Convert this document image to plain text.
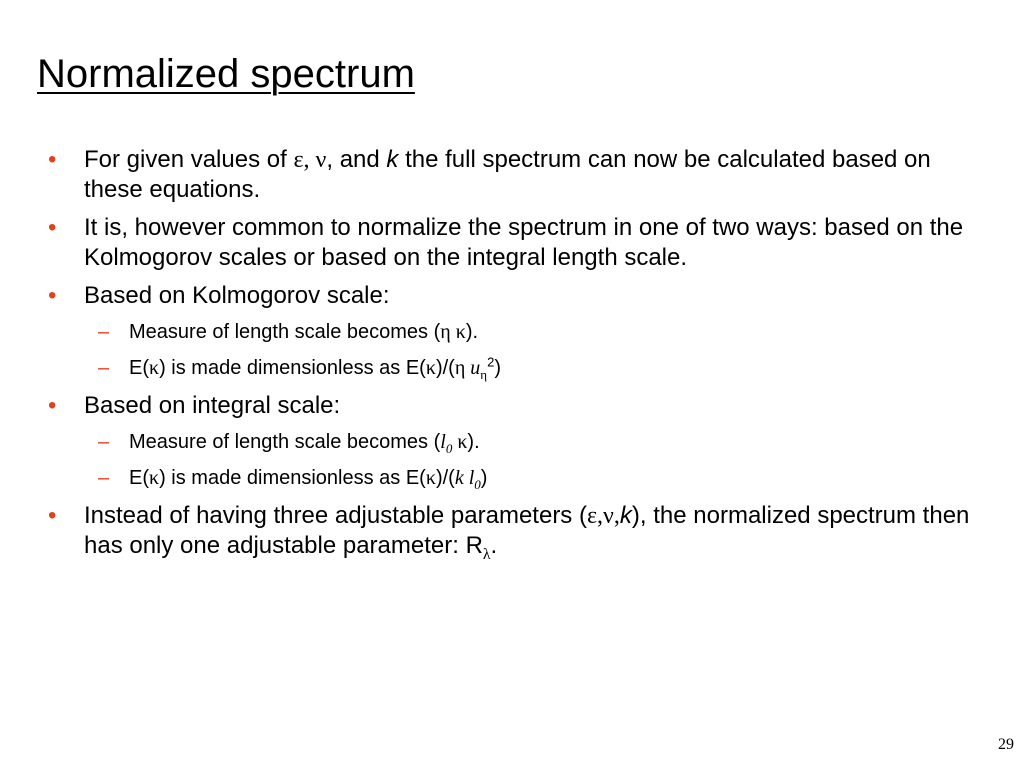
Normalized spectrum
• For given values of ε, ν, and k the full spectrum can now be calculated based on these equations.
• It is, however common to normalize the spectrum in one of two ways: based on the Kolmogorov scales or based on the integral length scale.
• Based on Kolmogorov scale:
– Measure of length scale becomes (η κ).
– E(κ) is made dimensionless as E(κ)/(η $u_\eta^2$)
• Based on integral scale:
– Measure of length scale becomes ($l_0$ κ).
– E(κ) is made dimensionless as E(κ)/(k $l_0$)
• Instead of having three adjustable parameters (ε,ν,k), the normalized spectrum then has only one adjustable parameter: $R_\lambda$.
29
